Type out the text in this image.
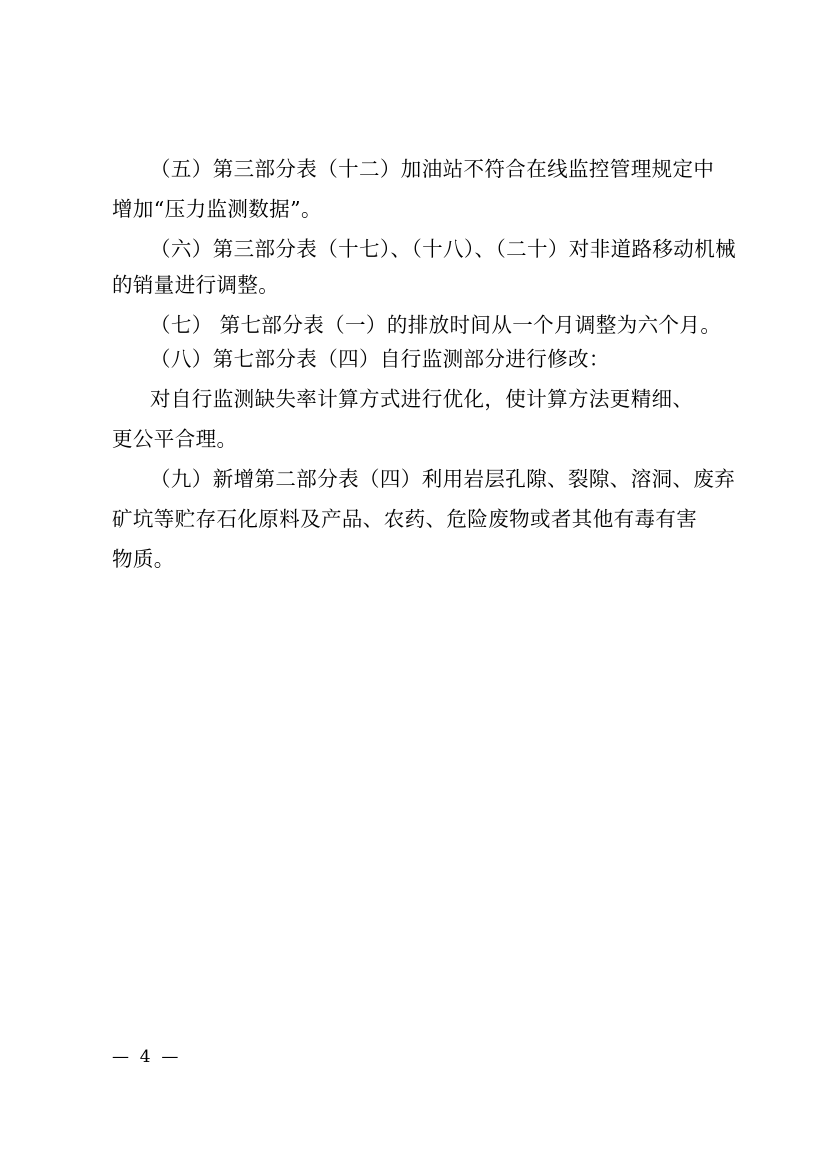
（五）第三部分表（十二）加油站不符合在线监控管理规定中
增加“压力监测数据”。
（六）第三部分表（十七）、（十八）、（二十）对非道路移动机械
的销量进行调整。
（七） 第七部分表（一）的排放时间从一个月调整为六个月。
（八）第七部分表（四）自行监测部分进行修改：
对自行监测缺失率计算方式进行优化，使计算方法更精细、
更公平合理。
（九）新增第二部分表（四）利用岩层孔隙、裂隙、溶洞、废弃
矿坑等贮存石化原料及产品、农药、危险废物或者其他有毒有害
物质。
—  4  —
